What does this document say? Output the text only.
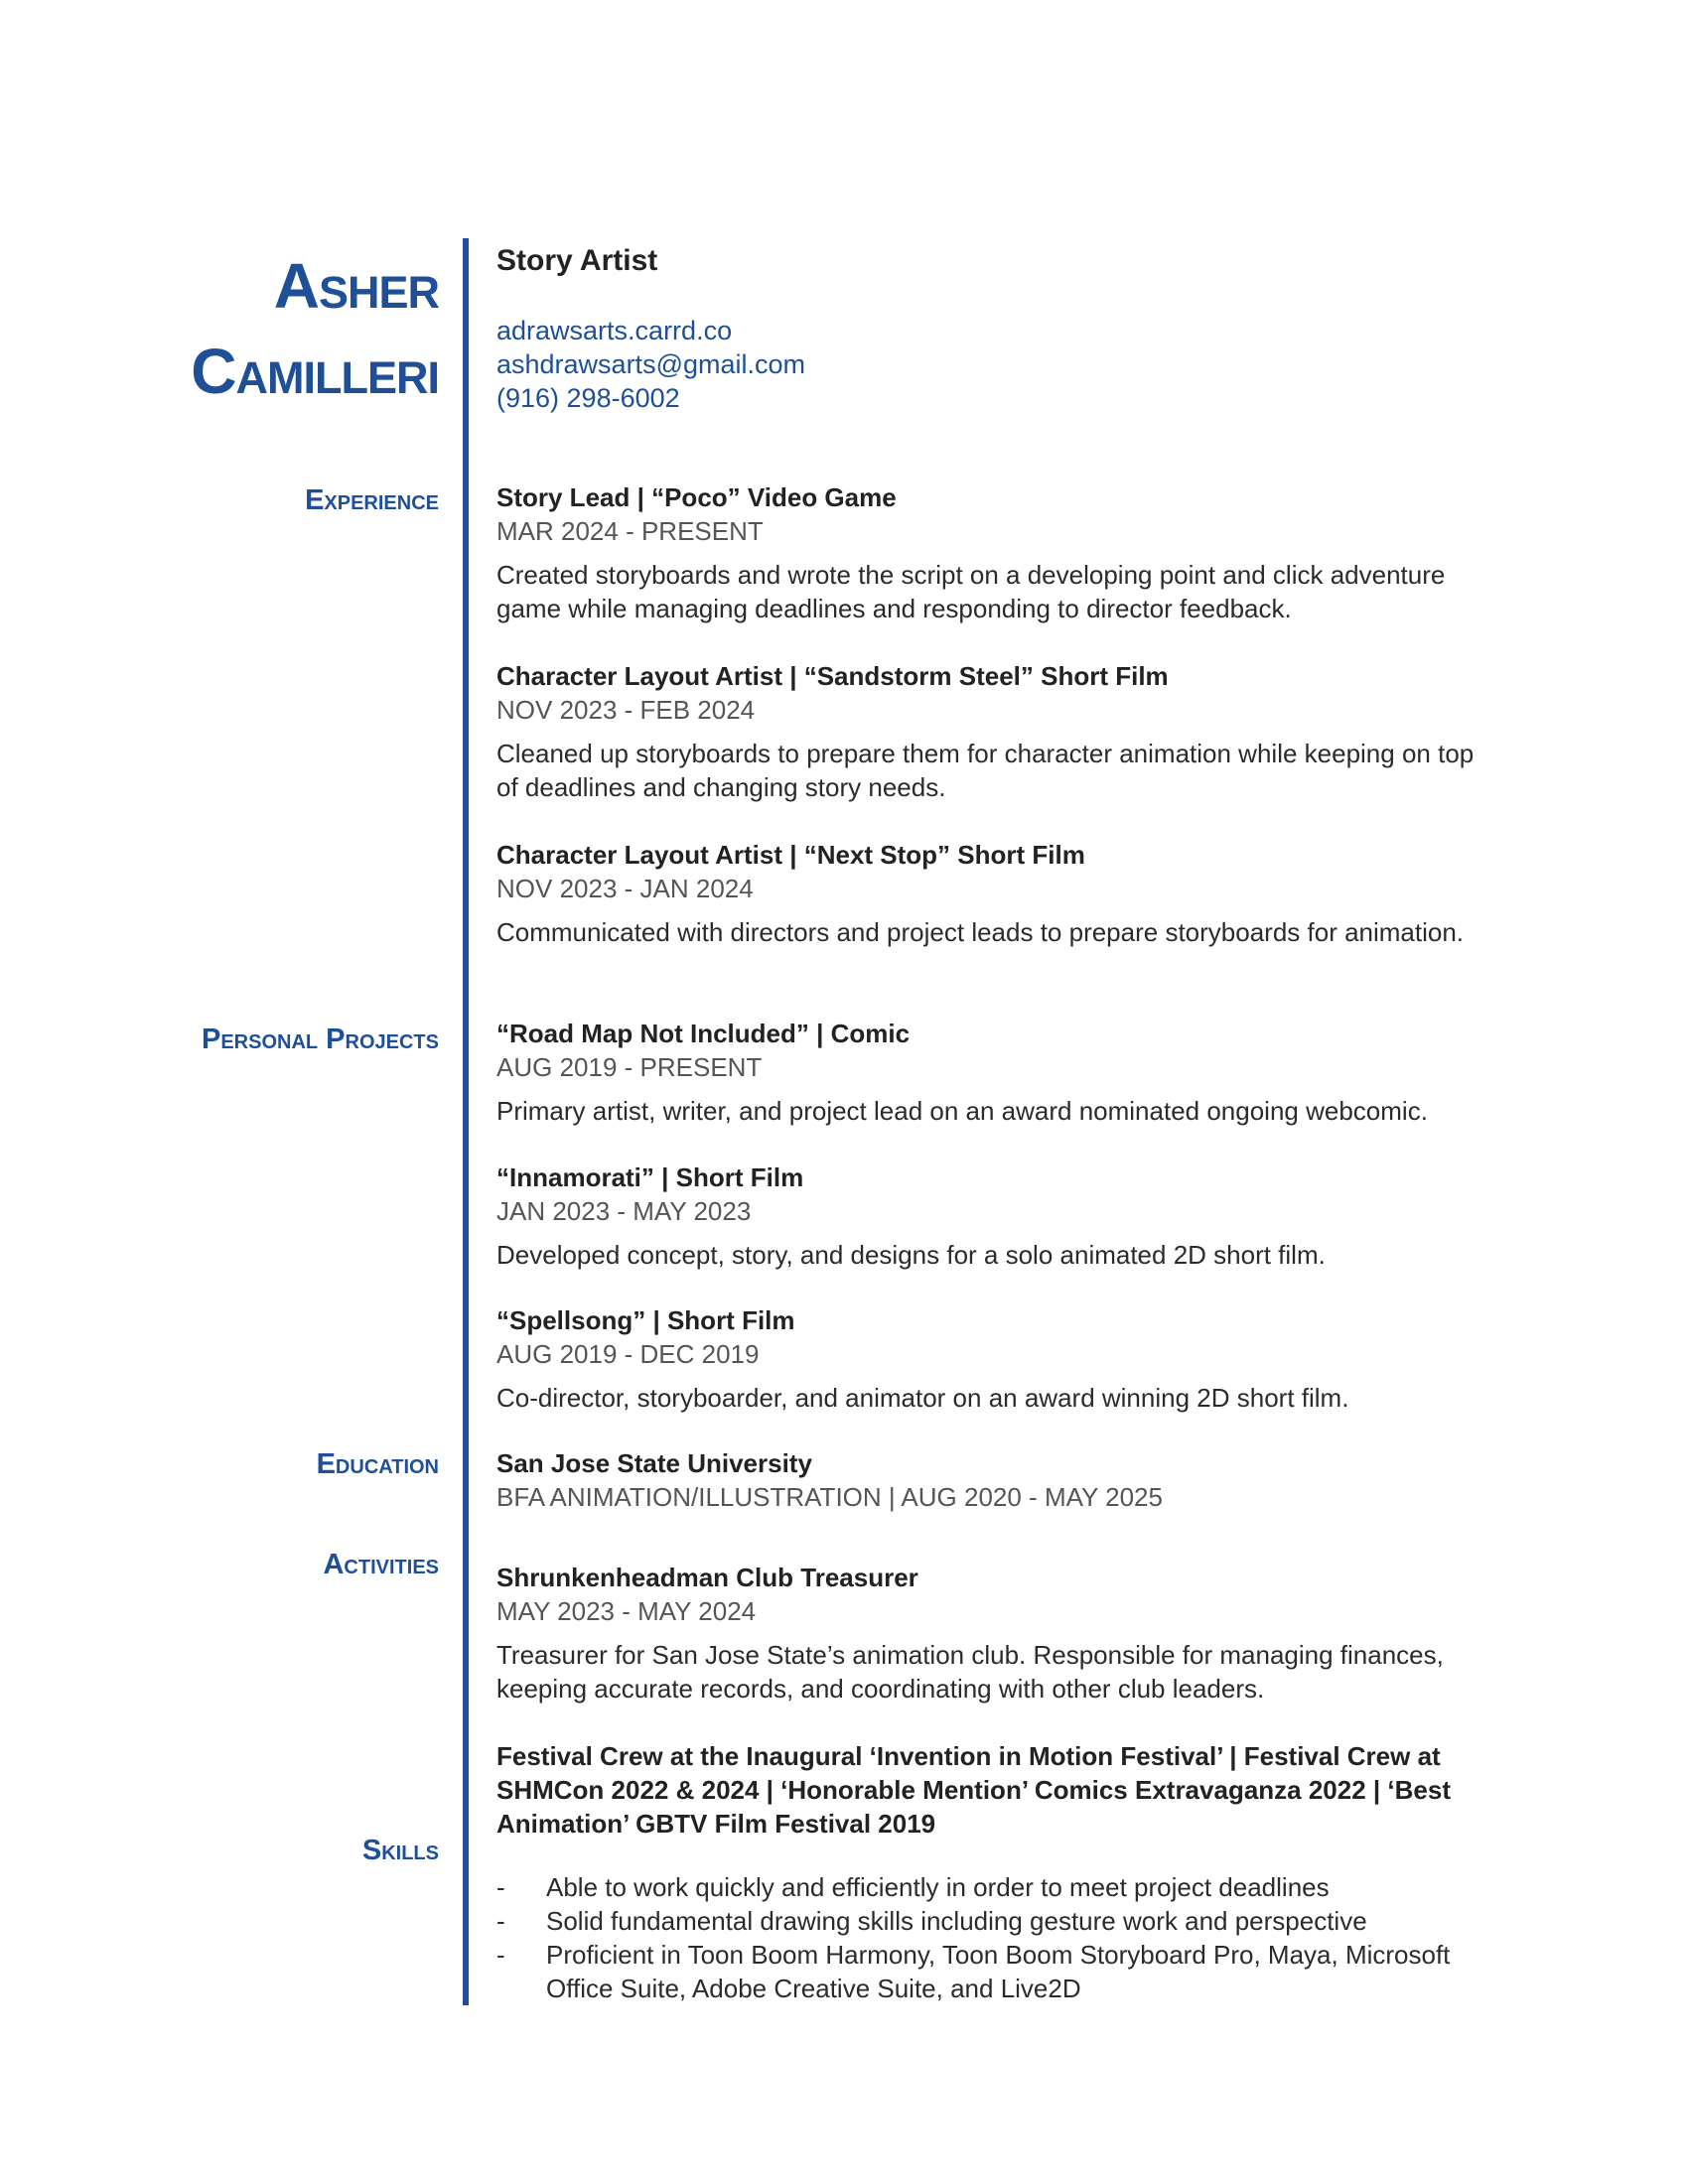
Asher
Camilleri
Story Artist
adrawsarts.carrd.co
ashdrawsarts@gmail.com
(916) 298-6002
Experience
Personal Projects
Education
Activities
Skills
Story Lead | “Poco” Video Game
MAR 2024 - PRESENT
Created storyboards and wrote the script on a developing point and click adventure game while managing deadlines and responding to director feedback.
Character Layout Artist | “Sandstorm Steel” Short Film
NOV 2023 - FEB 2024
Cleaned up storyboards to prepare them for character animation while keeping on top of deadlines and changing story needs.
Character Layout Artist | “Next Stop” Short Film
NOV 2023 - JAN 2024
Communicated with directors and project leads to prepare storyboards for animation.
“Road Map Not Included” | Comic
AUG 2019 - PRESENT
Primary artist, writer, and project lead on an award nominated ongoing webcomic.
“Innamorati” | Short Film
JAN 2023 - MAY 2023
Developed concept, story, and designs for a solo animated 2D short film.
“Spellsong” | Short Film
AUG 2019 - DEC 2019
Co-director, storyboarder, and animator on an award winning 2D short film.
San Jose State University
BFA ANIMATION/ILLUSTRATION | AUG 2020 - MAY 2025
Shrunkenheadman Club Treasurer
MAY 2023 - MAY 2024
Treasurer for San Jose State’s animation club. Responsible for managing finances, keeping accurate records, and coordinating with other club leaders.
Festival Crew at the Inaugural ‘Invention in Motion Festival’ | Festival Crew at SHMCon 2022 & 2024 | ‘Honorable Mention’ Comics Extravaganza 2022 | ‘Best Animation’ GBTV Film Festival 2019
-	Able to work quickly and efficiently in order to meet project deadlines
-	Solid fundamental drawing skills including gesture work and perspective
-	Proficient in Toon Boom Harmony, Toon Boom Storyboard Pro, Maya, Microsoft Office Suite, Adobe Creative Suite, and Live2D
